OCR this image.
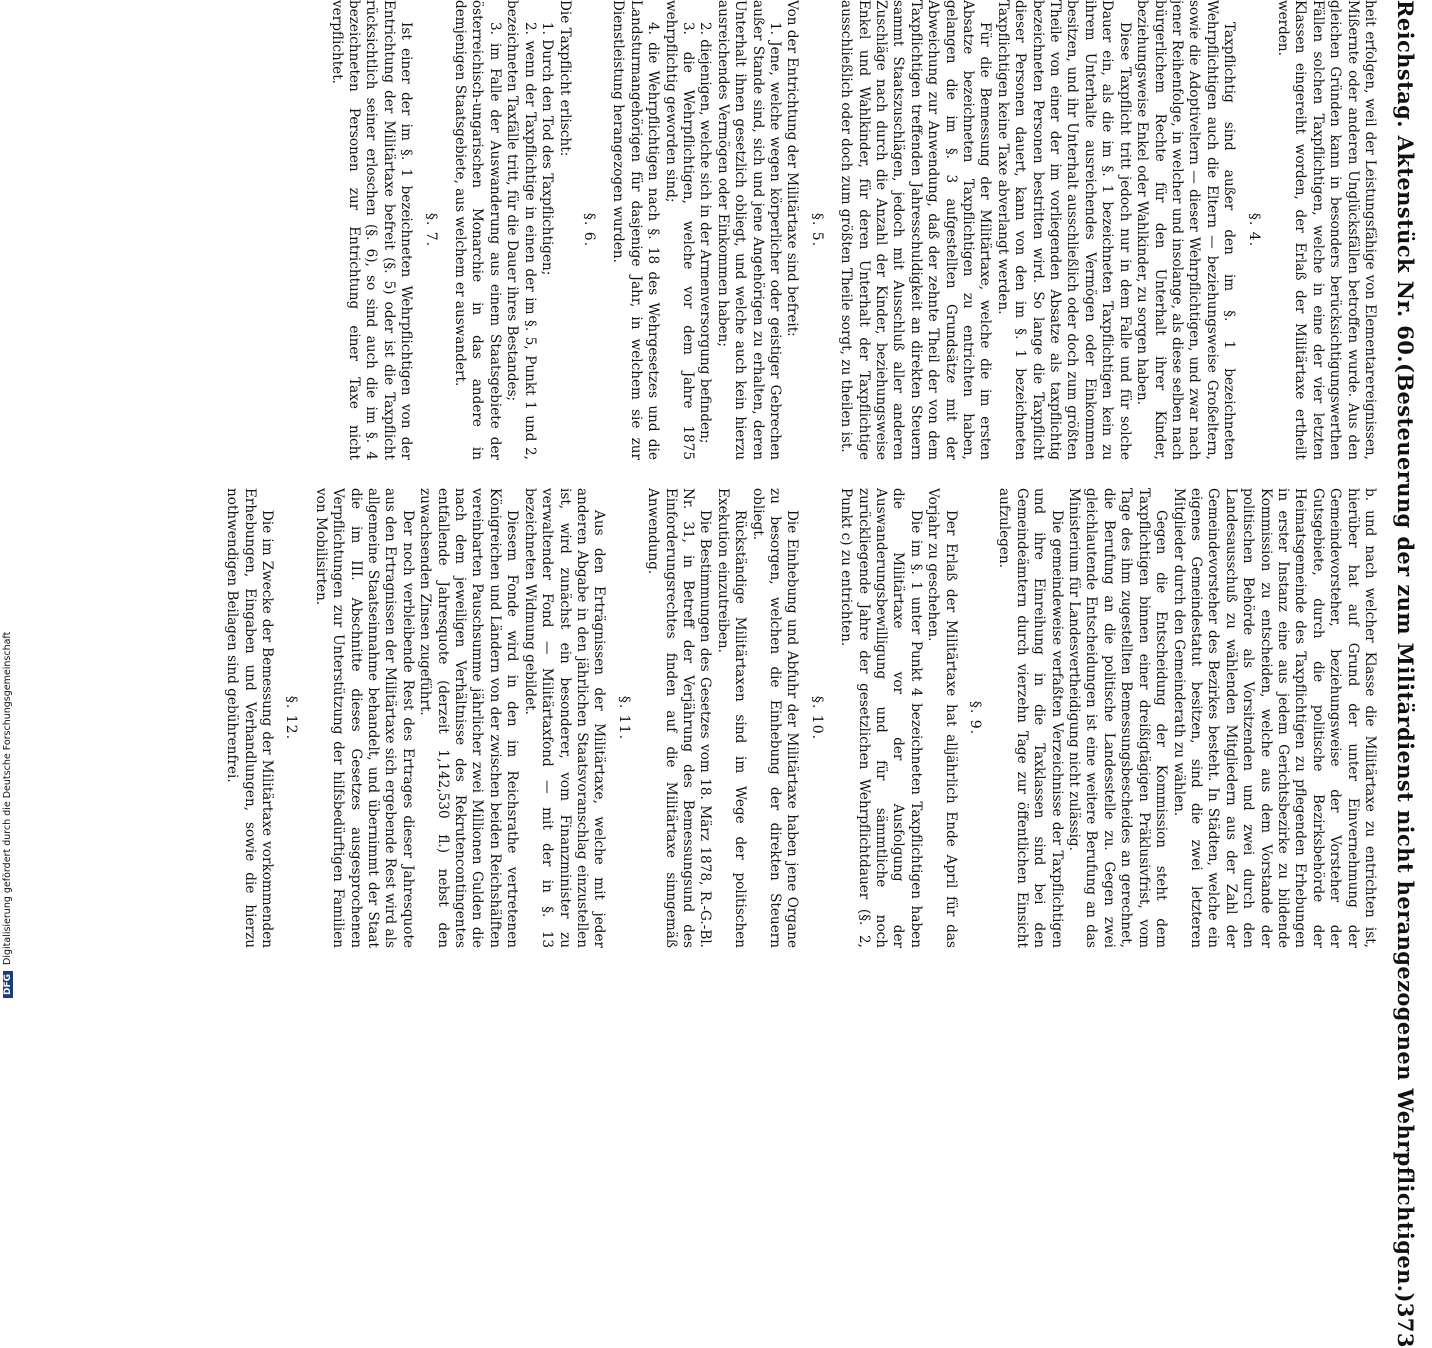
Reichstag. Aktenstück Nr. 60.
(Besteuerung der zum Militärdienst nicht herangezogenen Wehrpflichtigen.)
373

heit erfolgen, weil der Leistungsfähige von Elementarereignissen, Mißernte oder anderen Unglücksfällen betroffen wurde. Aus den gleichen Gründen kann in besonders berücksichtigungswerthen Fällen solchen Taxpflichtigen, welche in eine der vier letzten Klassen eingereiht worden, der Erlaß der Militärtaxe ertheilt werden.

§. 4.

Taxpflichtig sind außer den im §. 1 bezeichneten Wehrpflichtigen auch die Eltern — beziehungsweise Großeltern, sowie die Adoptiveltern — dieser Wehrpflichtigen, und zwar nach jener Reihenfolge, in welcher und insolange, als diese selben nach bürgerlichem Rechte für den Unterhalt ihrer Kinder, beziehungsweise Enkel oder Wahlkinder, zu sorgen haben.

Diese Taxpflicht tritt jedoch nur in dem Falle und für solche Dauer ein, als die im §. 1 bezeichneten Taxpflichtigen kein zu ihrem Unterhalte ausreichendes Vermögen oder Einkommen besitzen, und ihr Unterhalt ausschließlich oder doch zum größten Theile von einer der im vorliegenden Absatze als taxpflichtig bezeichneten Personen bestritten wird. So lange die Taxpflicht dieser Personen dauert, kann von den im §. 1 bezeichneten Taxpflichtigen keine Taxe abverlangt werden.

Für die Bemessung der Militärtaxe, welche die im ersten Absatze bezeichneten Taxpflichtigen zu entrichten haben, gelangen die im §. 3 aufgestellten Grundsätze mit der Abweichung zur Anwendung, daß der zehnte Theil der von dem Taxpflichtigen treffenden Jahresschuldigkeit an direkten Steuern sammt Staatszuschlägen, jedoch mit Ausschluß aller anderen Zuschläge nach durch die Anzahl der Kinder, beziehungsweise Enkel und Wahlkinder, für deren Unterhalt der Taxpflichtige ausschließlich oder doch zum größten Theile sorgt, zu theilen ist.

§. 5.

Von der Entrichtung der Militärtaxe sind befreit:

1. Jene, welche wegen körperlicher oder geistiger Gebrechen außer Stande sind, sich und jene Angehörigen zu erhalten, deren Unterhalt ihnen gesetzlich obliegt, und welche auch kein hierzu ausreichendes Vermögen oder Einkommen haben;

2. diejenigen, welche sich in der Armenversorgung befinden;

3. die Wehrpflichtigen, welche vor dem Jahre 1875 wehrpflichtig geworden sind;

4. die Wehrpflichtigen nach §. 18 des Wehrgesetzes und die Landsturmangehörigen für dasjenige Jahr, in welchem sie zur Dienstleistung herangezogen wurden.

§. 6.

Die Taxpflicht erlischt:

1. Durch den Tod des Taxpflichtigen;

2. wenn der Taxpflichtige in einen der im §. 5, Punkt 1 und 2, bezeichneten Taxfälle tritt, für die Dauer ihres Bestandes;

3. im Falle der Auswanderung aus einem Staatsgebiete der österreichisch-ungarischen Monarchie in das andere in demjenigen Staatsgebiete, aus welchem er auswandert.

§. 7.

Ist einer der im §. 1 bezeichneten Wehrpflichtigen von der Entrichtung der Militärtaxe befreit (§. 5) oder ist die Taxpflicht rücksichtlich seiner erloschen (§. 6), so sind auch die im §. 4 bezeichneten Personen zur Entrichtung einer Taxe nicht verpflichtet.

b. und nach welcher Klasse die Militärtaxe zu entrichten ist, hierüber hat auf Grund der unter Einvernehmung der Gemeindevorsteher, beziehungsweise der Vorsteher der Gutsgebiete, durch die politische Bezirksbehörde der Heimatsgemeinde des Taxpflichtigen zu pflegenden Erhebungen in erster Instanz eine aus jedem Gerichtsbezirke zu bildende Kommission zu entscheiden, welche aus dem Vorstande der politischen Behörde als Vorsitzenden und zwei durch den Landesausschuß zu wählenden Mitgliedern aus der Zahl der Gemeindevorsteher des Bezirkes besteht. In Städten, welche ein eigenes Gemeindestatut besitzen, sind die zwei letzteren Mitglieder durch den Gemeinderath zu wählen.

Gegen die Entscheidung der Kommission steht dem Taxpflichtigen binnen einer dreißigtägigen Präklusivfrist, vom Tage des ihm zugestellten Bemessungsbescheides an gerechnet, die Berufung an die politische Landesstelle zu. Gegen zwei gleichlautende Entscheidungen ist eine weitere Berufung an das Ministerium für Landesvertheidigung nicht zulässig.

Die gemeindeweise verfaßten Verzeichnisse der Taxpflichtigen und ihre Einreihung in die Taxklassen sind bei den Gemeindeämtern durch vierzehn Tage zur öffentlichen Einsicht aufzulegen.

§. 9.

Der Erlaß der Militärtaxe hat alljährlich Ende April für das Vorjahr zu geschehen.

Die im §. 1 unter Punkt 4 bezeichneten Taxpflichtigen haben die Militärtaxe vor der Ausfolgung der Auswanderungsbewilligung und für sämmtliche noch zurückliegende Jahre der gesetzlichen Wehrpflichtdauer (§. 2, Punkt c) zu entrichten.

§. 10.

Die Einhebung und Abfuhr der Militärtaxe haben jene Organe zu besorgen, welchen die Einhebung der direkten Steuern obliegt.

Rückständige Militärtaxen sind im Wege der politischen Exekution einzutreiben.

Die Bestimmungen des Gesetzes vom 18. März 1878, R.-G.-Bl. Nr. 31, in Betreff der Verjährung des Bemessungsund des Einforderungsrechtes finden auf die Militärtaxe sinngemäß Anwendung.

§. 11.

Aus den Erträgnissen der Militärtaxe, welche mit jeder anderen Abgabe in den jährlichen Staatsvoranschlag einzustellen ist, wird zunächst ein besonderer, vom Finanzminister zu verwaltender Fond — Militärtaxfond — mit der in §. 13 bezeichneten Widmung gebildet.

Diesem Fonde wird in den im Reichsrathe vertretenen Königreichen und Ländern von der zwischen beiden Reichshälften vereinbarten Pauschsumme jährlicher zwei Millionen Gulden die nach dem jeweiligen Verhältnisse des Rekrutencontingentes entfallende Jahresquote (derzeit 1,142,530 fl.) nebst den zuwachsenden Zinsen zugeführt.

Der noch verbleibende Rest des Ertrages dieser Jahresquote aus den Ertragnissen der Militärtaxe sich ergebende Rest wird als allgemeine Staatseinnahme behandelt, und übernimmt der Staat die im III. Abschnitte dieses Gesetzes ausgesprochenen Verpflichtungen zur Unterstützung der hilfsbedürftigen Familien von Mobilisirten.

§. 12.

Die im Zwecke der Bemessung der Militärtaxe vorkommenden Erhebungen, Eingaben und Verhandlungen, sowie die hierzu nothwendigen Beilagen sind gebührenfrei.

DFGDigitalisierung gefördert durch die Deutsche Forschungsgemeinschaft
